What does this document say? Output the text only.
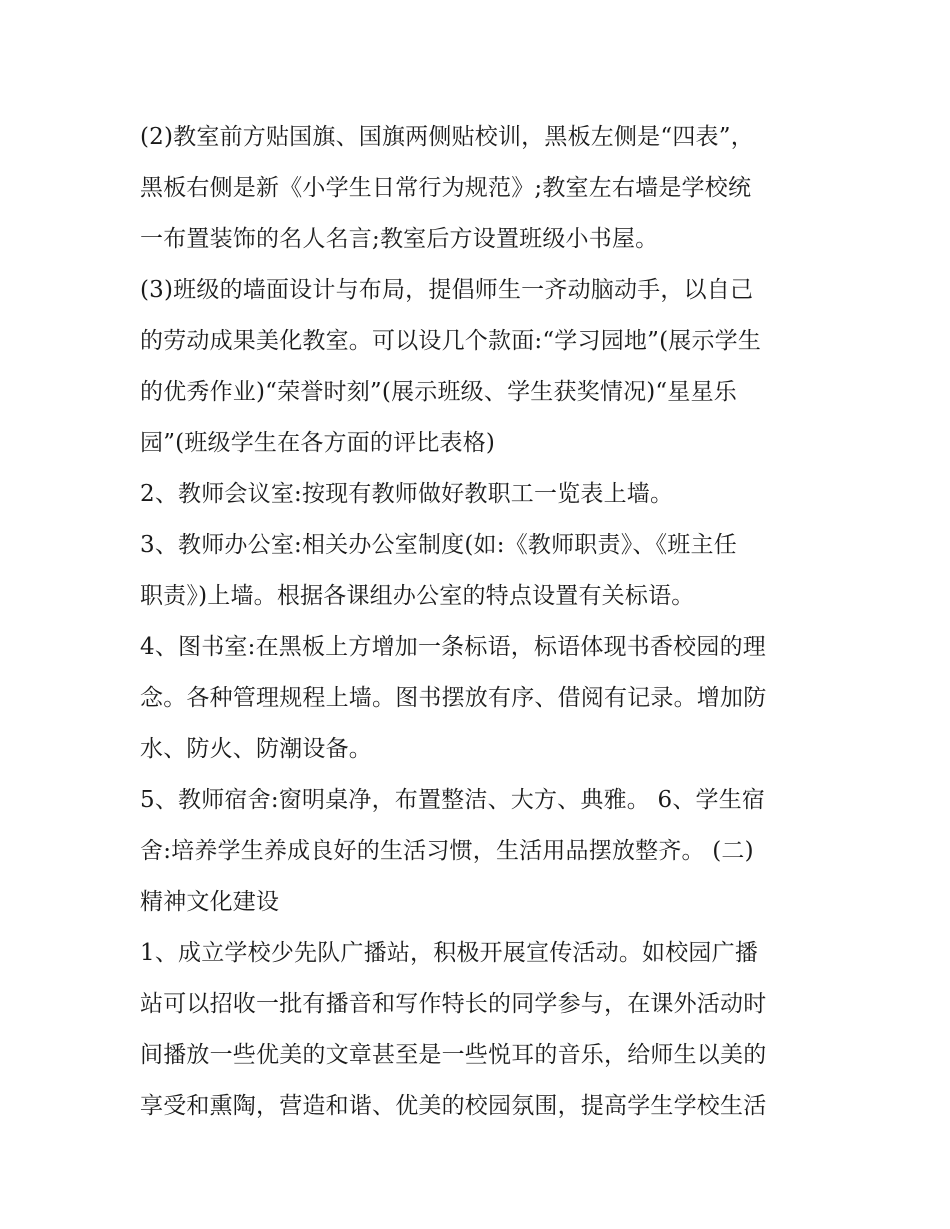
(2)教室前方贴国旗、国旗两侧贴校训，黑板左侧是“四表”，
黑板右侧是新《小学生日常行为规范》;教室左右墙是学校统
一布置装饰的名人名言;教室后方设置班级小书屋。
(3)班级的墙面设计与布局，提倡师生一齐动脑动手，以自己
的劳动成果美化教室。可以设几个款面:“学习园地”(展示学生
的优秀作业)“荣誉时刻”(展示班级、学生获奖情况)“星星乐
园”(班级学生在各方面的评比表格)
2、教师会议室:按现有教师做好教职工一览表上墙。
3、教师办公室:相关办公室制度(如:《教师职责》、《班主任
职责》)上墙。根据各课组办公室的特点设置有关标语。
4、图书室:在黑板上方增加一条标语，标语体现书香校园的理
念。各种管理规程上墙。图书摆放有序、借阅有记录。增加防
水、防火、防潮设备。
5、教师宿舍:窗明桌净，布置整洁、大方、典雅。 6、学生宿
舍:培养学生养成良好的生活习惯，生活用品摆放整齐。 (二)
精神文化建设
1、成立学校少先队广播站，积极开展宣传活动。如校园广播
站可以招收一批有播音和写作特长的同学参与，在课外活动时
间播放一些优美的文章甚至是一些悦耳的音乐，给师生以美的
享受和熏陶，营造和谐、优美的校园氛围，提高学生学校生活
